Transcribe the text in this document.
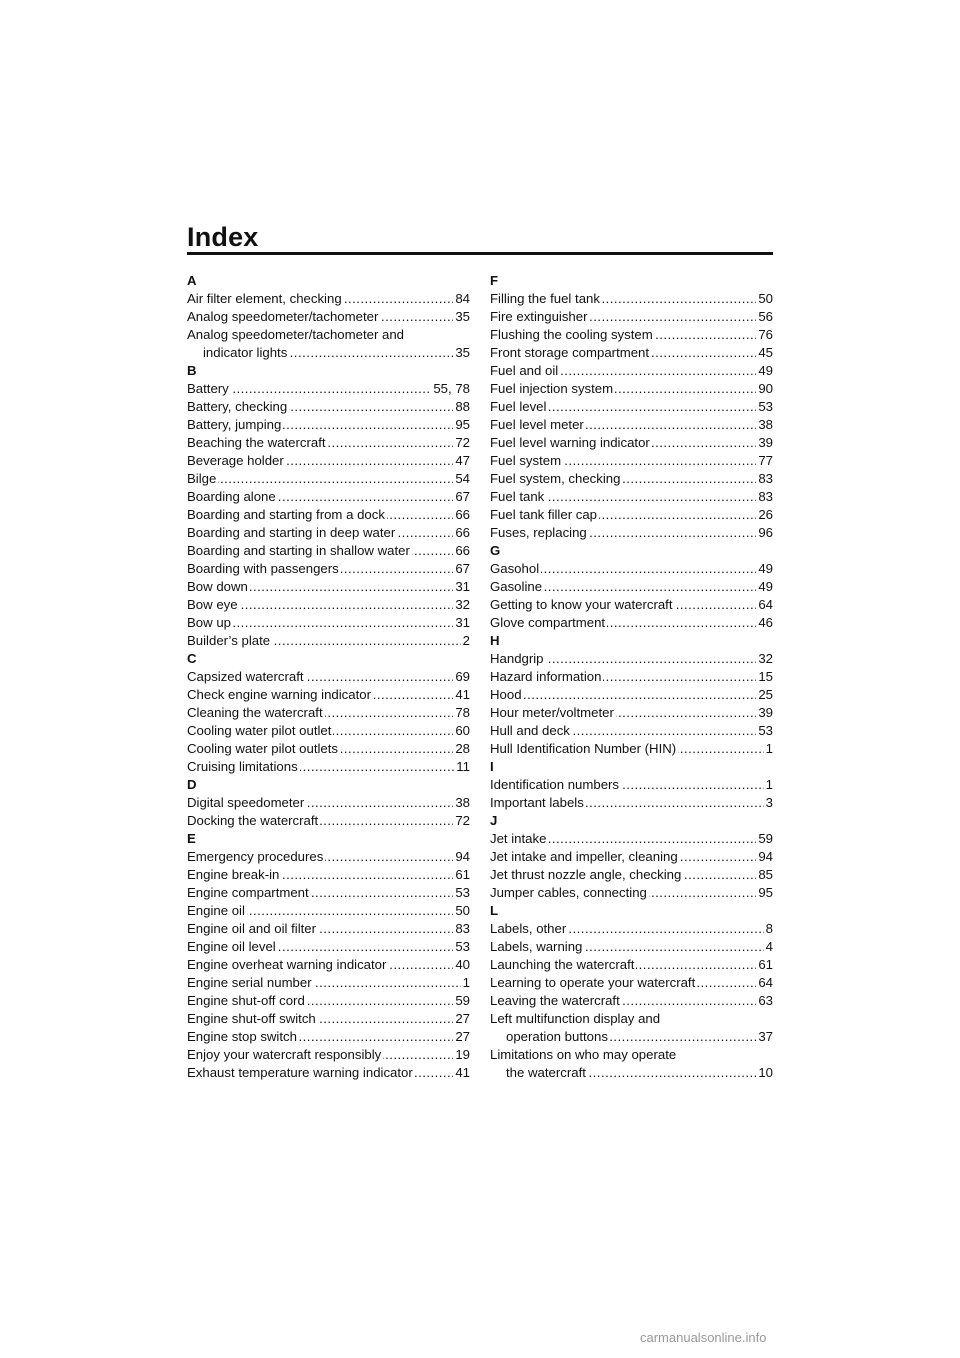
Index
A
. . .
Air filter element, checking	84
. . .
Analog speedometer/tachometer	35
Analog speedometer/tachometer and
. . .
indicator lights	35
B
. . .
Battery	55, 78
. . .
Battery, checking	88
. . .
Battery, jumping	95
. . .
Beaching the watercraft	72
. . .
Beverage holder	47
. . .
Bilge	54
. . .
Boarding alone	67
. . .
Boarding and starting from a dock	66
. . .
Boarding and starting in deep water	66
. . .
Boarding and starting in shallow water	66
. . .
Boarding with passengers	67
. . .
Bow down	31
. . .
Bow eye	32
. . .
Bow up	31
. . .
Builder’s plate	2
C
. . .
Capsized watercraft	69
. . .
Check engine warning indicator	41
. . .
Cleaning the watercraft	78
. . .
Cooling water pilot outlet	60
. . .
Cooling water pilot outlets	28
. . .
Cruising limitations	11
D
. . .
Digital speedometer	38
. . .
Docking the watercraft	72
E
. . .
Emergency procedures	94
. . .
Engine break-in	61
. . .
Engine compartment	53
. . .
Engine oil	50
. . .
Engine oil and oil filter	83
. . .
Engine oil level	53
. . .
Engine overheat warning indicator	40
. . .
Engine serial number	1
. . .
Engine shut-off cord	59
. . .
Engine shut-off switch	27
. . .
Engine stop switch	27
. . .
Enjoy your watercraft responsibly	19
. . .
Exhaust temperature warning indicator	41
F
. . .
Filling the fuel tank	50
. . .
Fire extinguisher	56
. . .
Flushing the cooling system	76
. . .
Front storage compartment	45
. . .
Fuel and oil	49
. . .
Fuel injection system	90
. . .
Fuel level	53
. . .
Fuel level meter	38
. . .
Fuel level warning indicator	39
. . .
Fuel system	77
. . .
Fuel system, checking	83
. . .
Fuel tank	83
. . .
Fuel tank filler cap	26
. . .
Fuses, replacing	96
G
. . .
Gasohol	49
. . .
Gasoline	49
. . .
Getting to know your watercraft	64
. . .
Glove compartment	46
H
. . .
Handgrip	32
. . .
Hazard information	15
. . .
Hood	25
. . .
Hour meter/voltmeter	39
. . .
Hull and deck	53
. . .
Hull Identification Number (HIN)	1
I
. . .
Identification numbers	1
. . .
Important labels	3
J
. . .
Jet intake	59
. . .
Jet intake and impeller, cleaning	94
. . .
Jet thrust nozzle angle, checking	85
. . .
Jumper cables, connecting	95
L
. . .
Labels, other	8
. . .
Labels, warning	4
. . .
Launching the watercraft	61
. . .
Learning to operate your watercraft	64
. . .
Leaving the watercraft	63
Left multifunction display and
. . .
operation buttons	37
Limitations on who may operate
. . .
the watercraft	10
carmanualsonline.info
